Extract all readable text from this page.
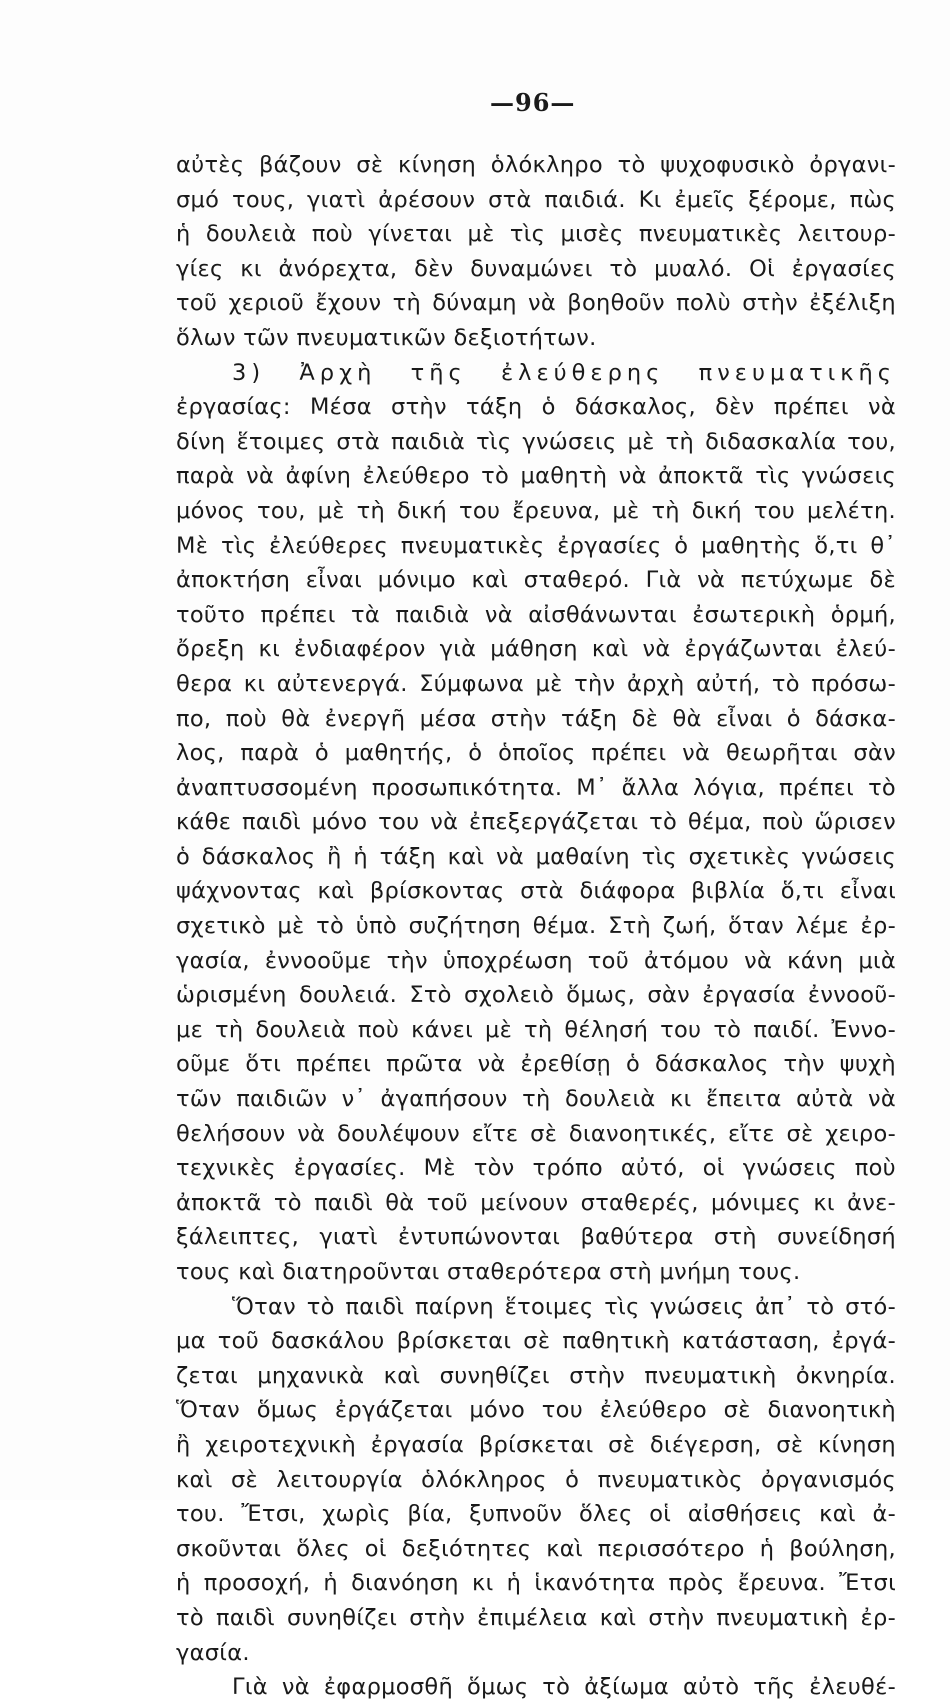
—96—
αὐτὲς βάζουν σὲ κίνηση ὁλόκληρο τὸ ψυχοφυσικὸ ὀργανι-
σμό τους, γιατὶ ἀρέσουν στὰ παιδιά. Κι ἐμεῖς ξέρομε, πὼς
ἡ δουλειὰ ποὺ γίνεται μὲ τὶς μισὲς πνευματικὲς λειτουρ-
γίες κι ἀνόρεχτα, δὲν δυναμώνει τὸ μυαλό. Οἱ ἐργασίες
τοῦ χεριοῦ ἔχουν τὴ δύναμη νὰ βοηθοῦν πολὺ στὴν ἐξέλιξη
ὅλων τῶν πνευματικῶν δεξιοτήτων.
3) Ἀρχὴ τῆς ἐλεύθερης πνευματικῆς
ἐργασίας: Μέσα στὴν τάξη ὁ δάσκαλος, δὲν πρέπει νὰ
δίνη ἕτοιμες στὰ παιδιὰ τὶς γνώσεις μὲ τὴ διδασκαλία του,
παρὰ νὰ ἀφίνη ἐλεύθερο τὸ μαθητὴ νὰ ἀποκτᾶ τὶς γνώσεις
μόνος του, μὲ τὴ δική του ἔρευνα, μὲ τὴ δική του μελέτη.
Μὲ τὶς ἐλεύθερες πνευματικὲς ἐργασίες ὁ μαθητὴς ὅ,τι θ᾿
ἀποκτήση εἶναι μόνιμο καὶ σταθερό. Γιὰ νὰ πετύχωμε δὲ
τοῦτο πρέπει τὰ παιδιὰ νὰ αἰσθάνωνται ἐσωτερικὴ ὁρμή,
ὄρεξη κι ἐνδιαφέρον γιὰ μάθηση καὶ νὰ ἐργάζωνται ἐλεύ-
θερα κι αὐτενεργά. Σύμφωνα μὲ τὴν ἀρχὴ αὐτή, τὸ πρόσω-
πο, ποὺ θὰ ἐνεργῆ μέσα στὴν τάξη δὲ θὰ εἶναι ὁ δάσκα-
λος, παρὰ ὁ μαθητής, ὁ ὁποῖος πρέπει νὰ θεωρῆται σὰν
ἀναπτυσσομένη προσωπικότητα. Μ᾿ ἄλλα λόγια, πρέπει τὸ
κάθε παιδὶ μόνο του νὰ ἐπεξεργάζεται τὸ θέμα, ποὺ ὥρισεν
ὁ δάσκαλος ἢ ἡ τάξη καὶ νὰ μαθαίνη τὶς σχετικὲς γνώσεις
ψάχνοντας καὶ βρίσκοντας στὰ διάφορα βιβλία ὅ,τι εἶναι
σχετικὸ μὲ τὸ ὑπὸ συζήτηση θέμα. Στὴ ζωή, ὅταν λέμε ἐρ-
γασία, ἐννοοῦμε τὴν ὑποχρέωση τοῦ ἀτόμου νὰ κάνη μιὰ
ὡρισμένη δουλειά. Στὸ σχολειὸ ὅμως, σὰν ἐργασία ἐννοοῦ-
με τὴ δουλειὰ ποὺ κάνει μὲ τὴ θέλησή του τὸ παιδί. Ἐννο-
οῦμε ὅτι πρέπει πρῶτα νὰ ἐρεθίσῃ ὁ δάσκαλος τὴν ψυχὴ
τῶν παιδιῶν ν᾿ ἀγαπήσουν τὴ δουλειὰ κι ἔπειτα αὐτὰ νὰ
θελήσουν νὰ δουλέψουν εἴτε σὲ διανοητικές, εἴτε σὲ χειρο-
τεχνικὲς ἐργασίες. Μὲ τὸν τρόπο αὐτό, οἱ γνώσεις ποὺ
ἀποκτᾶ τὸ παιδὶ θὰ τοῦ μείνουν σταθερές, μόνιμες κι ἀνε-
ξάλειπτες, γιατὶ ἐντυπώνονται βαθύτερα στὴ συνείδησή
τους καὶ διατηροῦνται σταθερότερα στὴ μνήμη τους.
Ὅταν τὸ παιδὶ παίρνη ἕτοιμες τὶς γνώσεις ἀπ᾿ τὸ στό-
μα τοῦ δασκάλου βρίσκεται σὲ παθητικὴ κατάσταση, ἐργά-
ζεται μηχανικὰ καὶ συνηθίζει στὴν πνευματικὴ ὀκνηρία.
Ὅταν ὅμως ἐργάζεται μόνο του ἐλεύθερο σὲ διανοητικὴ
ἢ χειροτεχνικὴ ἐργασία βρίσκεται σὲ διέγερση, σὲ κίνηση
καὶ σὲ λειτουργία ὁλόκληρος ὁ πνευματικὸς ὀργανισμός
του. Ἔτσι, χωρὶς βία, ξυπνοῦν ὅλες οἱ αἰσθήσεις καὶ ἀ-
σκοῦνται ὅλες οἱ δεξιότητες καὶ περισσότερο ἡ βούληση,
ἡ προσοχή, ἡ διανόηση κι ἡ ἱκανότητα πρὸς ἔρευνα. Ἔτσι
τὸ παιδὶ συνηθίζει στὴν ἐπιμέλεια καὶ στὴν πνευματικὴ ἐρ-
γασία.
Γιὰ νὰ ἐφαρμοσθῆ ὅμως τὸ ἀξίωμα αὐτὸ τῆς ἐλευθέ-
